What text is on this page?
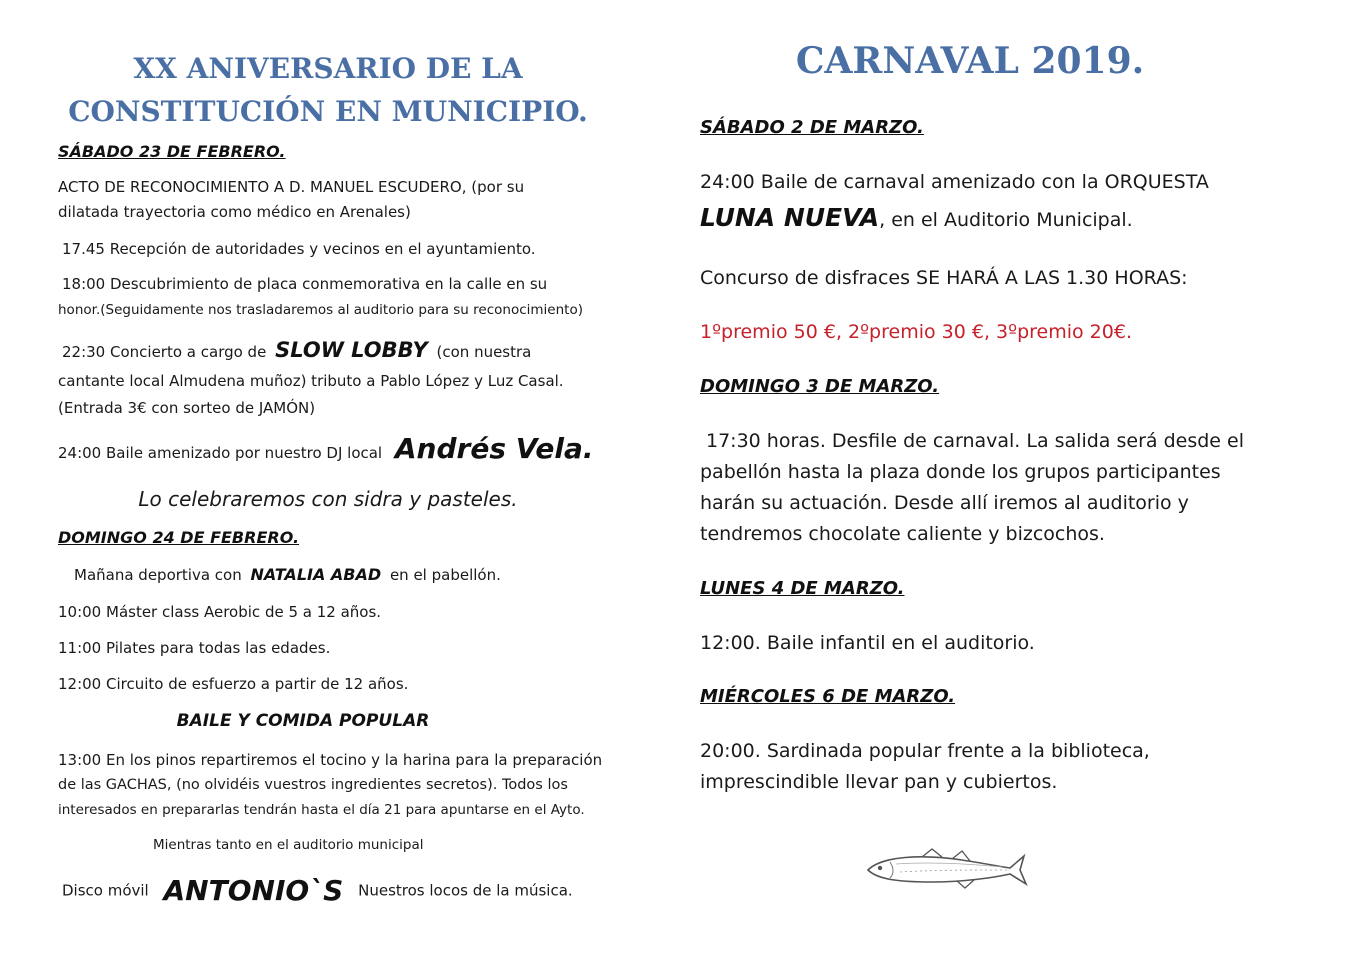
XX ANIVERSARIO DE LA
CONSTITUCIÓN EN MUNICIPIO.
SÁBADO 23 DE FEBRERO.
ACTO DE RECONOCIMIENTO A D. MANUEL ESCUDERO, (por su
dilatada trayectoria como médico en Arenales)
17.45 Recepción de autoridades y vecinos en el ayuntamiento.
18:00 Descubrimiento de placa conmemorativa en la calle en su
honor.(Seguidamente nos trasladaremos al auditorio para su reconocimiento)
22:30 Concierto a cargo de SLOW LOBBY (con nuestra
cantante local Almudena muñoz) tributo a Pablo López y Luz Casal.
(Entrada 3€ con sorteo de JAMÓN)
24:00 Baile amenizado por nuestro DJ local Andrés Vela.
Lo celebraremos con sidra y pasteles.
DOMINGO 24 DE FEBRERO.
Mañana deportiva con NATALIA ABAD en el pabellón.
10:00 Máster class Aerobic de 5 a 12 años.
11:00 Pilates para todas las edades.
12:00 Circuito de esfuerzo a partir de 12 años.
BAILE Y COMIDA POPULAR
13:00 En los pinos repartiremos el tocino y la harina para la preparación
de las GACHAS, (no olvidéis vuestros ingredientes secretos). Todos los
interesados en prepararlas tendrán hasta el día 21 para apuntarse en el Ayto.
Mientras tanto en el auditorio municipal
Disco móvil ANTONIO`S Nuestros locos de la música.
CARNAVAL 2019.
SÁBADO 2 DE MARZO.
24:00 Baile de carnaval amenizado con la ORQUESTA
LUNA NUEVA, en el Auditorio Municipal.
Concurso de disfraces SE HARÁ A LAS 1.30 HORAS:
1ºpremio 50 €, 2ºpremio 30 €, 3ºpremio 20€.
DOMINGO 3 DE MARZO.
17:30 horas. Desfile de carnaval. La salida será desde el
pabellón hasta la plaza donde los grupos participantes
harán su actuación. Desde allí iremos al auditorio y
tendremos chocolate caliente y bizcochos.
LUNES 4 DE MARZO.
12:00. Baile infantil en el auditorio.
MIÉRCOLES 6 DE MARZO.
20:00. Sardinada popular frente a la biblioteca,
imprescindible llevar pan y cubiertos.
